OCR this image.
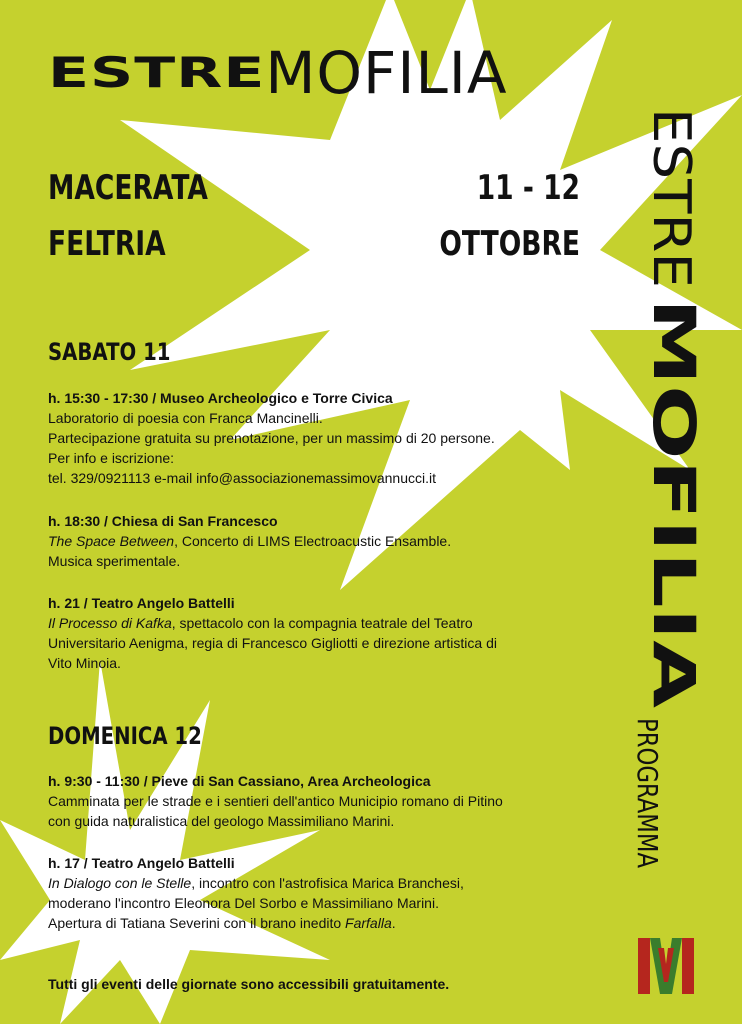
ESTREMOFILIA
ESTRE
MOFILIA
PROGRAMMA
MACERATA
FELTRIA
11 - 12
OTTOBRE
SABATO 11

h. 15:30 - 17:30 / Museo Archeologico e Torre Civica

Laboratorio di poesia con Franca Mancinelli.

Partecipazione gratuita su prenotazione, per un massimo di 20 persone.

Per info e iscrizione:

tel. 329/0921113 e-mail info@associazionemassimovannucci.it

h. 18:30 / Chiesa di San Francesco

The Space Between, Concerto di LIMS Electroacustic Ensamble.

Musica sperimentale.

h. 21 / Teatro Angelo Battelli

Il Processo di Kafka, spettacolo con la compagnia teatrale del Teatro

Universitario Aenigma, regia di Francesco Gigliotti e direzione artistica di

Vito Minoia.

DOMENICA 12

h. 9:30 - 11:30 / Pieve di San Cassiano, Area Archeologica

Camminata per le strade e i sentieri dell'antico Municipio romano di Pitino

con guida naturalistica del geologo Massimiliano Marini.

h. 17 / Teatro Angelo Battelli

In Dialogo con le Stelle, incontro con l'astrofisica Marica Branchesi,

moderano l'incontro Eleonora Del Sorbo e Massimiliano Marini.

Apertura di Tatiana Severini con il brano inedito Farfalla.

Tutti gli eventi delle giornate sono accessibili gratuitamente.
